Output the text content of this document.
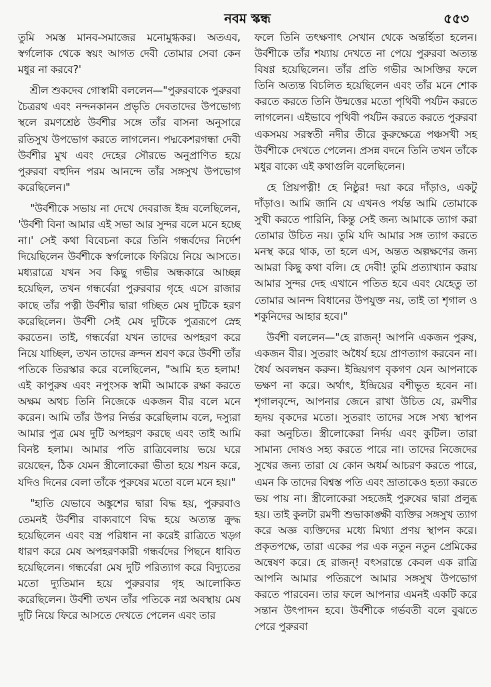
নবম স্কন্ধ	৫৫৩

তুমি সমস্ত মানব-সমাজের মনোমুগ্ধকর। অতএব, স্বর্গলোক থেকে স্বয়ং আগত দেবী তোমার সেবা কেন মধুর না করবে?'

শ্রীল শুকদেব গোস্বামী বললেন—"পুরুরবাকে পুরুরবা চৈত্ররথ এবং নন্দনকানন প্রভৃতি দেবতাদের উপভোগ্য স্থলে রমণশ্রেষ্ঠ উর্বশীর সঙ্গে তাঁর বাসনা অনুসারে রতিসুখ উপভোগ করতে লাগলেন। পদ্মকেশরগন্ধা দেবী উর্বশীর মুখ এবং দেহের সৌরভে অনুপ্রাণিত হয়ে পুরুরবা বহুদিন পরম আনন্দে তাঁর সঙ্গসুখ উপভোগ করেছিলেন।"

"উর্বশীকে সভায় না দেখে দেবরাজ ইন্দ্র বলেছিলেন, 'উর্বশী বিনা আমার এই সভা আর সুন্দর বলে মনে হচ্ছে না।' সেই কথা বিবেচনা করে তিনি গন্ধর্বদের নির্দেশ দিয়েছিলেন উর্বশীকে স্বর্গলোকে ফিরিয়ে নিয়ে আসতে। মধ্যরাত্রে যখন সব কিছু গভীর অন্ধকারে আচ্ছন্ন হয়েছিল, তখন গন্ধর্বেরা পুরুরবার গৃহে এসে রাজার কাছে তাঁর পত্নী উর্বশীর দ্বারা গচ্ছিত মেষ দুটিকে হরণ করেছিলেন। উর্বশী সেই মেষ দুটিকে পুত্ররূপে স্নেহ করতেন। তাই, গন্ধর্বেরা যখন তাদের অপহরণ করে নিয়ে যাচ্ছিল, তখন তাদের ক্রন্দন শ্রবণ করে উর্বশী তাঁর পতিকে তিরস্কার করে বলেছিলেন, "আমি হত হলাম! এই কাপুরুষ এবং নপুংসক স্বামী আমাকে রক্ষা করতে অক্ষম অথচ তিনি নিজেকে একজন বীর বলে মনে করেন। আমি তাঁর উপর নির্ভর করেছিলাম বলে, দস্যুরা আমার পুত্র মেষ দুটি অপহরণ করছে এবং তাই আমি বিনষ্ট হলাম। আমার পতি রাত্রিবেলায় ভয়ে ঘরে রয়েছেন, ঠিক যেমন স্ত্রীলোকেরা ভীতা হয়ে শয়ন করে, যদিও দিনের বেলা তাঁকে পুরুষের মতো বলে মনে হয়।"

"হাতি যেভাবে অঙ্কুশের দ্বারা বিদ্ধ হয়, পুরুরবাও তেমনই উর্বশীর বাক্যবাণে বিদ্ধ হয়ে অত্যন্ত ক্রুদ্ধ হয়েছিলেন এবং বস্ত্র পরিধান না করেই রাত্রিতে খড়্গ ধারণ করে মেষ অপহরণকারী গন্ধর্বদের পিছনে ধাবিত হয়েছিলেন। গন্ধর্বেরা মেষ দুটি পরিত্যাগ করে বিদ্যুতের মতো দ্যুতিমান হয়ে পুরুরবার গৃহ আলোকিত করেছিলেন। উর্বশী তখন তাঁর পতিকে নগ্ন অবস্থায় মেষ দুটি নিয়ে ফিরে আসতে দেখতে পেলেন এবং তার

ফলে তিনি তৎক্ষণাৎ সেখান থেকে অন্তর্হিতা হলেন। উর্বশীকে তাঁর শয্যায় দেখতে না পেয়ে পুরুরবা অত্যন্ত বিষণ্ণ হয়েছিলেন। তাঁর প্রতি গভীর আসক্তির ফলে তিনি অত্যন্ত বিচলিত হয়েছিলেন এবং তাঁর মনে শোক করতে করতে তিনি উন্মত্তের মতো পৃথিবী পর্যটন করতে লাগলেন। এইভাবে পৃথিবী পর্যটন করতে করতে পুরুরবা একসময় সরস্বতী নদীর তীরে কুরুক্ষেত্রে পঞ্চসখী সহ উর্বশীকে দেখতে পেলেন। প্রসন্ন বদনে তিনি তখন তাঁকে মধুর বাক্যে এই কথাগুলি বলেছিলেন।

হে প্রিয়পত্নী! হে নিষ্ঠুর! দয়া করে দাঁড়াও, একটু দাঁড়াও। আমি জানি যে এখনও পর্যন্ত আমি তোমাকে সুখী করতে পারিনি, কিন্তু সেই জন্য আমাকে ত্যাগ করা তোমার উচিত নয়। তুমি যদি আমার সঙ্গ ত্যাগ করতে মনস্থ করে থাক, তা হলে এস, অন্তত অল্পক্ষণের জন্য আমরা কিছু কথা বলি। হে দেবী! তুমি প্রত্যাখ্যান করায় আমার সুন্দর দেহ এখানে পতিত হবে এবং যেহেতু তা তোমার আনন্দ বিধানের উপযুক্ত নয়, তাই তা শৃগাল ও শকুনিদের আহার হবে।"

উর্বশী বললেন—"হে রাজন্! আপনি একজন পুরুষ, একজন বীর। সুতরাং অধৈর্য হয়ে প্রাণত্যাগ করবেন না। ধৈর্য অবলম্বন করুন। ইন্দ্রিয়গণ বৃকগণ যেন আপনাকে ভক্ষণ না করে। অর্থাৎ, ইন্দ্রিয়ের বশীভূত হবেন না। শৃগালবৃন্দে, আপনার জেনে রাখা উচিত যে, রমণীর হৃদয় বৃকদের মতো। সুতরাং তাদের সঙ্গে সখ্য স্থাপন করা অনুচিত। স্ত্রীলোকেরা নির্দয় এবং কুটিল। তারা সামান্য দোষও সহ্য করতে পারে না। তাদের নিজেদের সুখের জন্য তারা যে কোন অধর্ম আচরণ করতে পারে, এমন কি তাদের বিশ্বস্ত পতি এবং ভ্রাতাকেও হত্যা করতে ভয় পায় না। স্ত্রীলোকেরা সহজেই পুরুষের দ্বারা প্রলুব্ধ হয়। তাই কুলটা রমণী শুভাকাঙ্ক্ষী ব্যক্তির সঙ্গসুখ ত্যাগ করে অজ্ঞ ব্যক্তিদের মধ্যে মিথ্যা প্রণয় স্থাপন করে। প্রকৃতপক্ষে, তারা একের পর এক নতুন নতুন প্রেমিকের অন্বেষণ করে। হে রাজন্! বৎসরান্তে কেবল এক রাত্রি আপনি আমার পতিরূপে আমার সঙ্গসুখ উপভোগ করতে পারবেন। তার ফলে আপনার এমনই একটি করে সন্তান উৎপাদন হবে। উর্বশীকে গর্ভবতী বলে বুঝতে পেরে পুরুরবা
